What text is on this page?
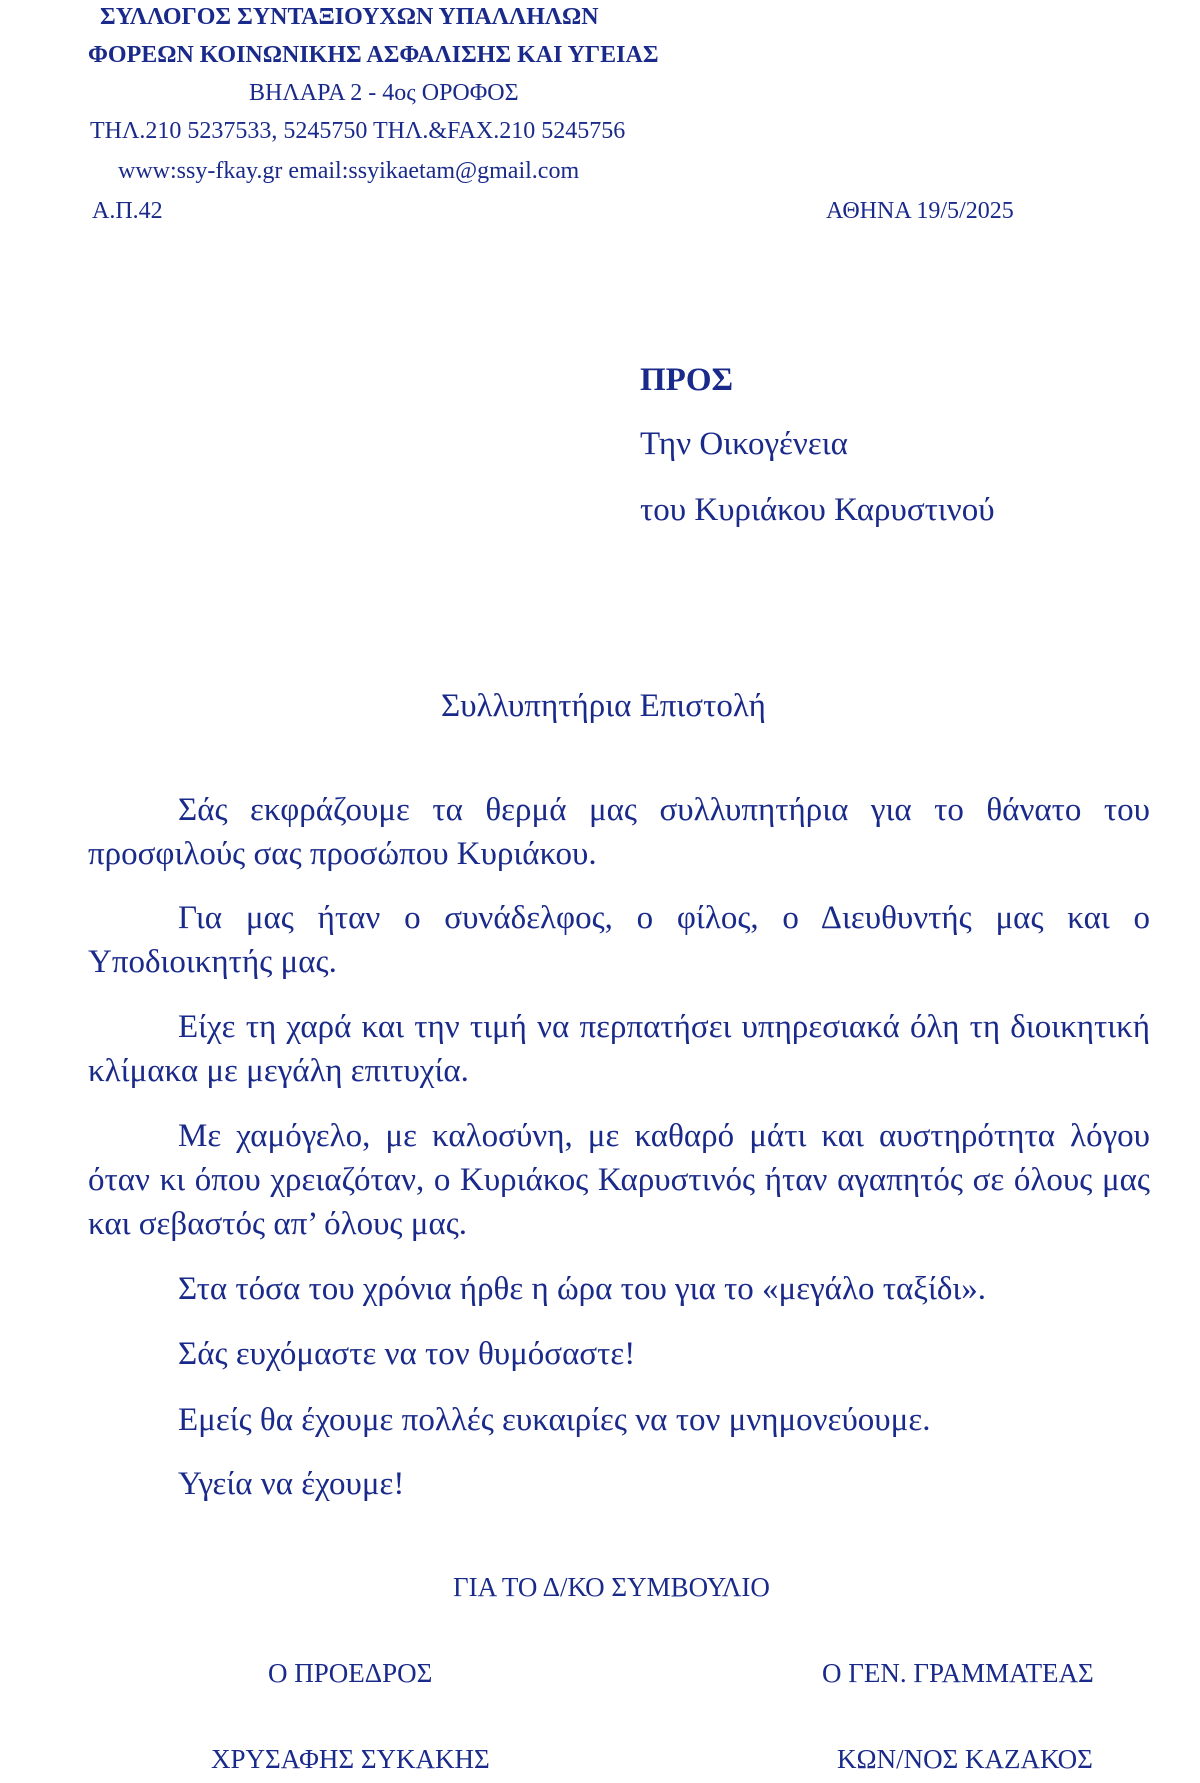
ΣΥΛΛΟΓΟΣ ΣΥΝΤΑΞΙΟΥΧΩΝ ΥΠΑΛΛΗΛΩΝ
ΦΟΡΕΩΝ ΚΟΙΝΩΝΙΚΗΣ ΑΣΦΑΛΙΣΗΣ ΚΑΙ ΥΓΕΙΑΣ
ΒΗΛΑΡΑ 2 - 4ος ΟΡΟΦΟΣ
ΤΗΛ.210 5237533, 5245750 ΤΗΛ.&FAX.210 5245756
www:ssy-fkay.gr email:ssyikaetam@gmail.com
Α.Π.42	ΑΘΗΝΑ 19/5/2025
ΠΡΟΣ
Την Οικογένεια
του Κυριάκου Καρυστινού
Συλλυπητήρια Επιστολή

Σάς εκφράζουμε τα θερμά μας συλλυπητήρια για το θάνατο του προσφιλούς σας προσώπου Κυριάκου.

Για μας ήταν ο συνάδελφος, ο φίλος, ο Διευθυντής μας και ο Υποδιοικητής μας.

Είχε τη χαρά και την τιμή να περπατήσει υπηρεσιακά όλη τη διοικητική κλίμακα με μεγάλη επιτυχία.

Με χαμόγελο, με καλοσύνη, με καθαρό μάτι και αυστηρότητα λόγου όταν κι όπου χρειαζόταν, ο Κυριάκος Καρυστινός ήταν αγαπητός σε όλους μας και σεβαστός απ’ όλους μας.

Στα τόσα του χρόνια ήρθε η ώρα του για το «μεγάλο ταξίδι».

Σάς ευχόμαστε να τον θυμόσαστε!

Εμείς θα έχουμε πολλές ευκαιρίες να τον μνημονεύουμε.

Υγεία να έχουμε!

ΓΙΑ ΤΟ Δ/ΚΟ ΣΥΜΒΟΥΛΙΟ
Ο ΠΡΟΕΔΡΟΣ	Ο ΓΕΝ. ΓΡΑΜΜΑΤΕΑΣ
ΧΡΥΣΑΦΗΣ ΣΥΚΑΚΗΣ	ΚΩΝ/ΝΟΣ ΚΑΖΑΚΟΣ
